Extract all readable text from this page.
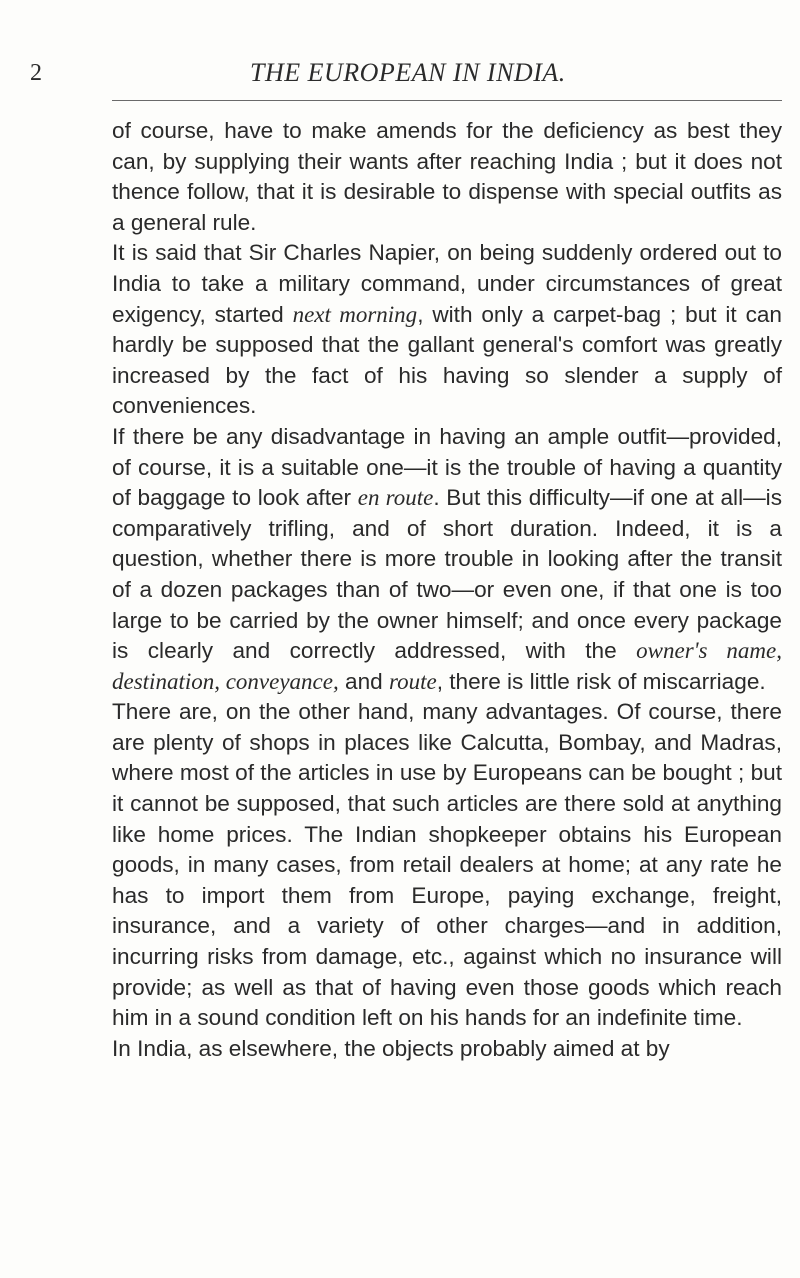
2	THE EUROPEAN IN INDIA.

of course, have to make amends for the deficiency as best they can, by supplying their wants after reaching India ; but it does not thence follow, that it is desirable to dispense with special outfits as a general rule.

It is said that Sir Charles Napier, on being suddenly ordered out to India to take a military command, under circumstances of great exigency, started next morning, with only a carpet-bag ; but it can hardly be supposed that the gallant general's comfort was greatly increased by the fact of his having so slender a supply of conveniences.

If there be any disadvantage in having an ample outfit—provided, of course, it is a suitable one—it is the trouble of having a quantity of baggage to look after en route. But this difficulty—if one at all—is comparatively trifling, and of short duration. Indeed, it is a question, whether there is more trouble in looking after the transit of a dozen packages than of two—or even one, if that one is too large to be carried by the owner himself; and once every package is clearly and correctly addressed, with the owner's name, destination, conveyance, and route, there is little risk of miscarriage.

There are, on the other hand, many advantages. Of course, there are plenty of shops in places like Calcutta, Bombay, and Madras, where most of the articles in use by Europeans can be bought ; but it cannot be supposed, that such articles are there sold at anything like home prices. The Indian shopkeeper obtains his European goods, in many cases, from retail dealers at home; at any rate he has to import them from Europe, paying exchange, freight, insurance, and a variety of other charges—and in addition, incurring risks from damage, etc., against which no insurance will provide; as well as that of having even those goods which reach him in a sound condition left on his hands for an indefinite time.

In India, as elsewhere, the objects probably aimed at by
